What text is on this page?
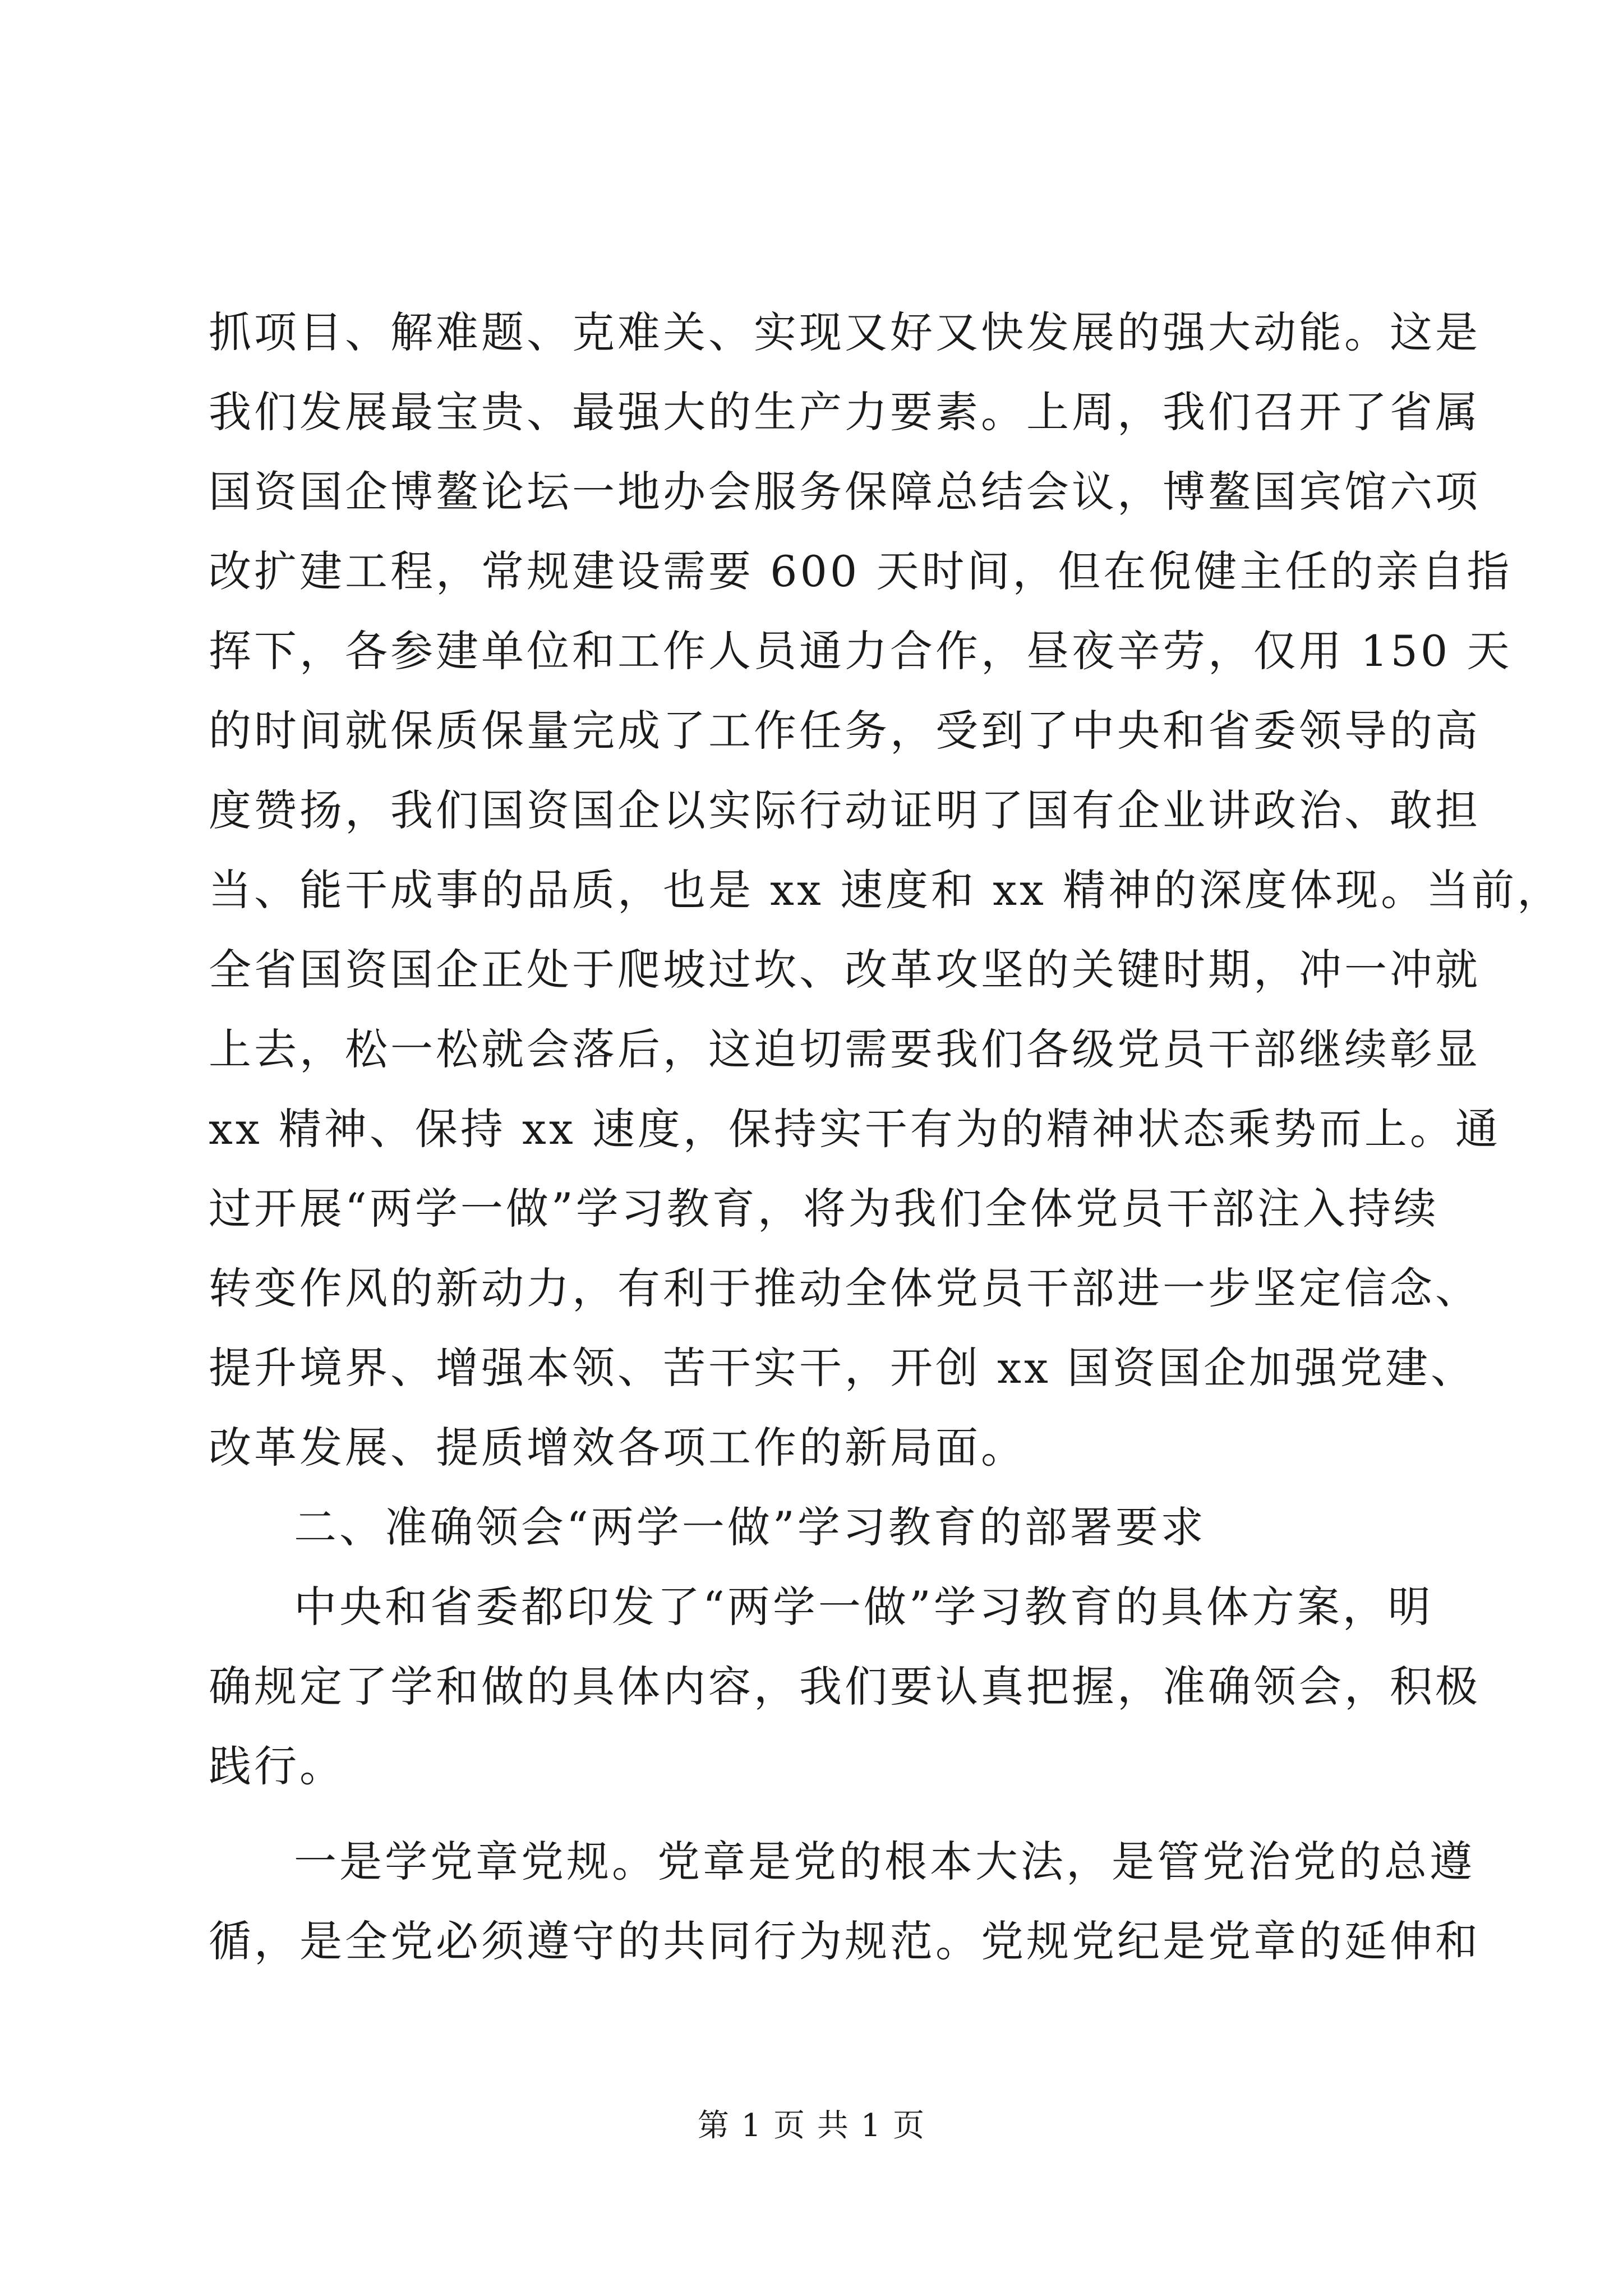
抓项目、解难题、克难关、实现又好又快发展的强大动能。这是
我们发展最宝贵、最强大的生产力要素。上周，我们召开了省属
国资国企博鳌论坛一地办会服务保障总结会议，博鳌国宾馆六项
改扩建工程，常规建设需要 600 天时间，但在倪健主任的亲自指
挥下，各参建单位和工作人员通力合作，昼夜辛劳，仅用 150 天
的时间就保质保量完成了工作任务，受到了中央和省委领导的高
度赞扬，我们国资国企以实际行动证明了国有企业讲政治、敢担
当、能干成事的品质，也是 xx 速度和 xx 精神的深度体现。当前，
全省国资国企正处于爬坡过坎、改革攻坚的关键时期，冲一冲就
上去，松一松就会落后，这迫切需要我们各级党员干部继续彰显
xx 精神、保持 xx 速度，保持实干有为的精神状态乘势而上。通
过开展“两学一做”学习教育，将为我们全体党员干部注入持续
转变作风的新动力，有利于推动全体党员干部进一步坚定信念、
提升境界、增强本领、苦干实干，开创 xx 国资国企加强党建、
改革发展、提质增效各项工作的新局面。
二、准确领会“两学一做”学习教育的部署要求
中央和省委都印发了“两学一做”学习教育的具体方案，明
确规定了学和做的具体内容，我们要认真把握，准确领会，积极
践行。
一是学党章党规。党章是党的根本大法，是管党治党的总遵
循，是全党必须遵守的共同行为规范。党规党纪是党章的延伸和
第 1 页 共 1 页
